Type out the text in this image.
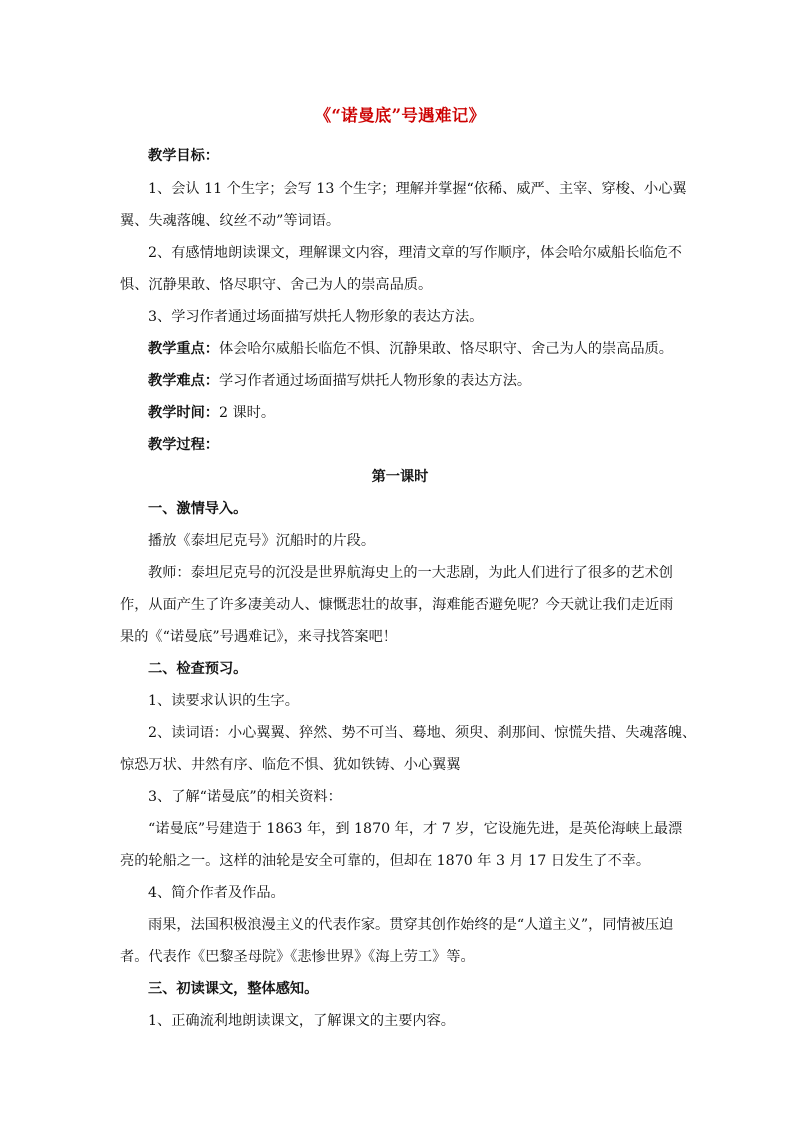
《“诺曼底”号遇难记》
教学目标：
1、会认 11 个生字；会写 13 个生字；理解并掌握“依稀、威严、主宰、穿梭、小心翼
翼、失魂落魄、纹丝不动”等词语。
2、有感情地朗读课文，理解课文内容，理清文章的写作顺序，体会哈尔威船长临危不
惧、沉静果敢、恪尽职守、舍己为人的崇高品质。
3、学习作者通过场面描写烘托人物形象的表达方法。
教学重点：体会哈尔威船长临危不惧、沉静果敢、恪尽职守、舍己为人的崇高品质。
教学难点：学习作者通过场面描写烘托人物形象的表达方法。
教学时间：2 课时。
教学过程：
第一课时
一、激情导入。
播放《泰坦尼克号》沉船时的片段。
教师：泰坦尼克号的沉没是世界航海史上的一大悲剧，为此人们进行了很多的艺术创
作，从面产生了许多凄美动人、慷慨悲壮的故事，海难能否避免呢？今天就让我们走近雨
果的《“诺曼底”号遇难记》，来寻找答案吧！
二、检查预习。
1、读要求认识的生字。
2、读词语：小心翼翼、猝然、势不可当、蓦地、须臾、刹那间、惊慌失措、失魂落魄、
惊恐万状、井然有序、临危不惧、犹如铁铸、小心翼翼
3、了解“诺曼底”的相关资料：
“诺曼底”号建造于 1863 年，到 1870 年，才 7 岁，它设施先进，是英伦海峡上最漂
亮的轮船之一。这样的油轮是安全可靠的，但却在 1870 年 3 月 17 日发生了不幸。
4、简介作者及作品。
雨果，法国积极浪漫主义的代表作家。贯穿其创作始终的是“人道主义”，同情被压迫
者。代表作《巴黎圣母院》《悲惨世界》《海上劳工》等。
三、初读课文，整体感知。
1、正确流利地朗读课文，了解课文的主要内容。
